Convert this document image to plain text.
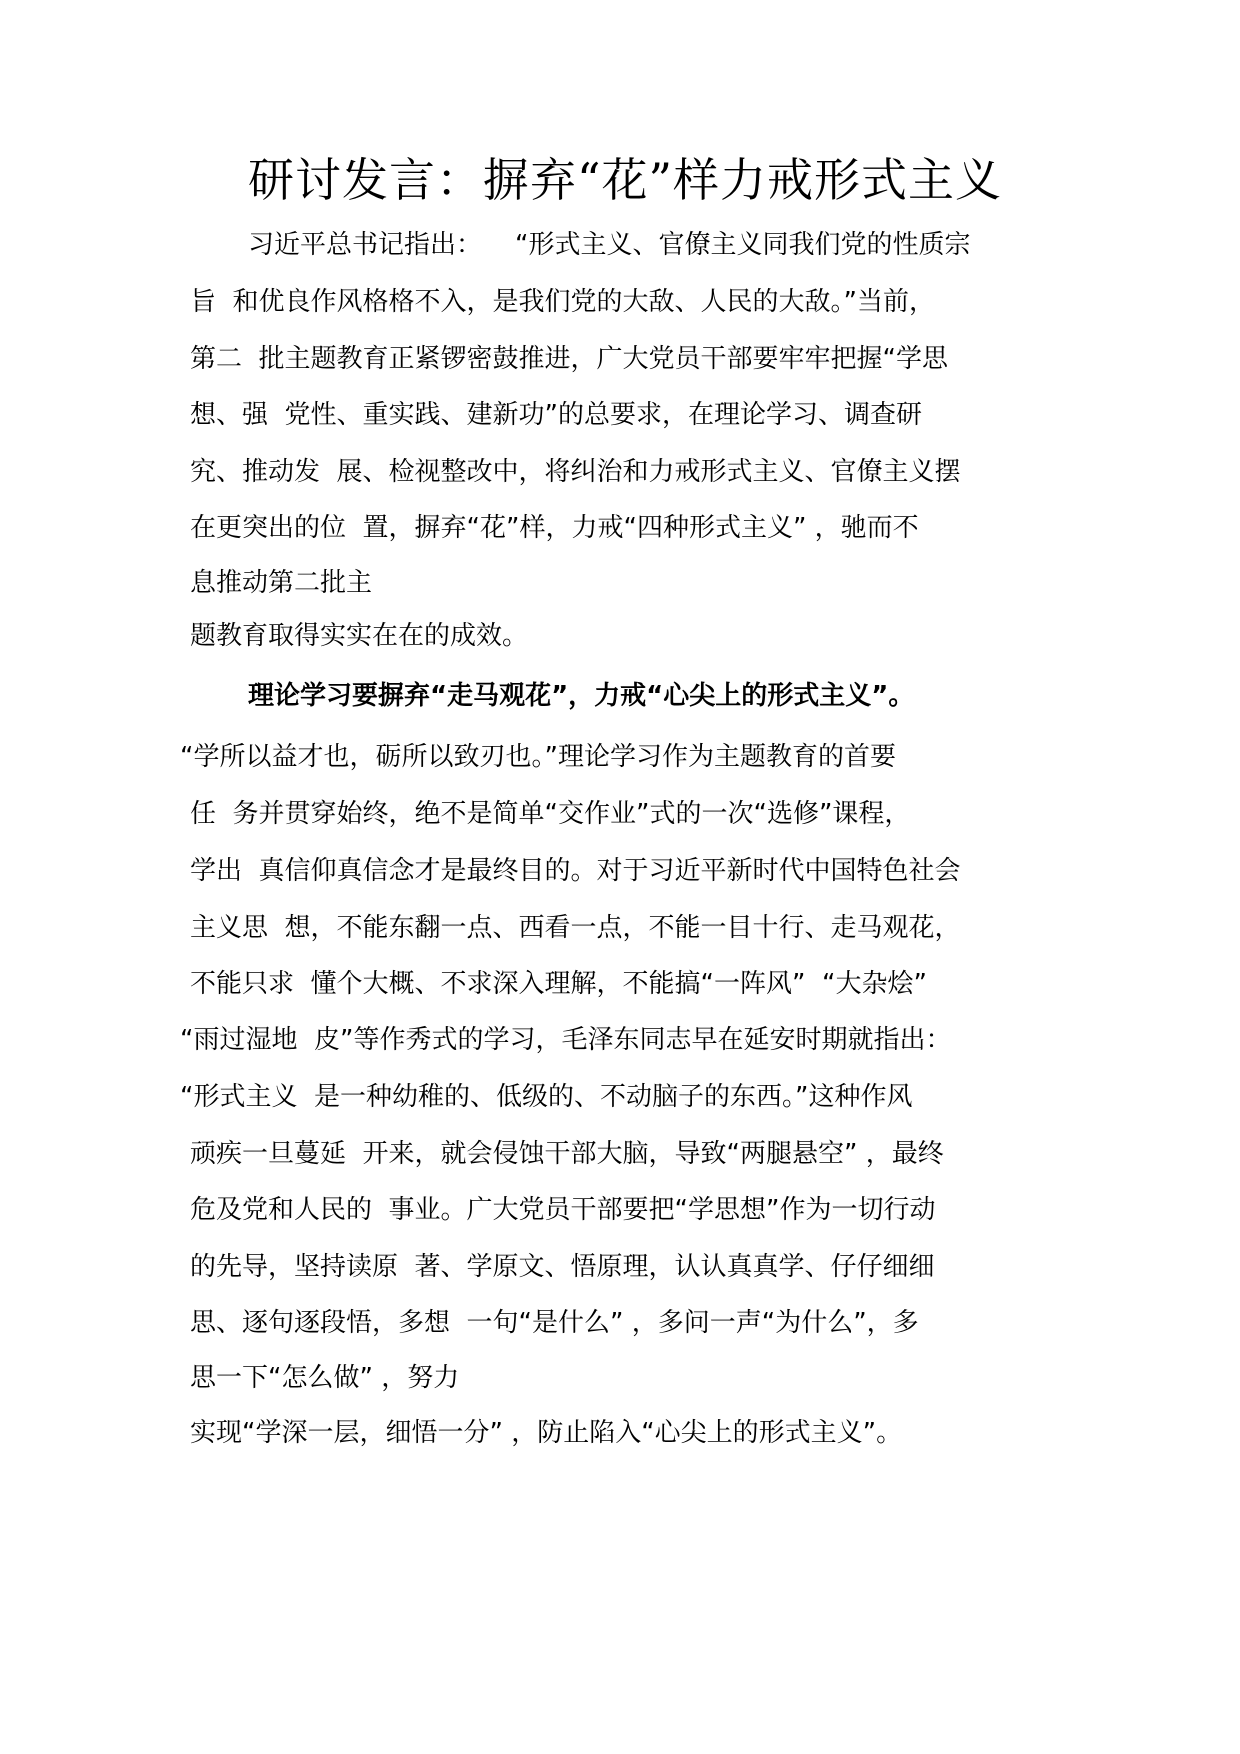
研讨发言：摒弃“花”样力戒形式主义
习近平总书记指出：    “形式主义、官僚主义同我们党的性质宗
旨  和优良作风格格不入，是我们党的大敌、人民的大敌。”当前，
第二  批主题教育正紧锣密鼓推进，广大党员干部要牢牢把握“学思
想、强  党性、重实践、建新功”的总要求，在理论学习、调查研
究、推动发  展、检视整改中，将纠治和力戒形式主义、官僚主义摆
在更突出的位  置，摒弃“花”样，力戒“四种形式主义” ，驰而不
息推动第二批主
题教育取得实实在在的成效。
理论学习要摒弃“走马观花”，力戒“心尖上的形式主义”。
“学所以益才也，砺所以致刃也。”理论学习作为主题教育的首要
任  务并贯穿始终，绝不是简单“交作业”式的一次“选修”课程，
学出  真信仰真信念才是最终目的。对于习近平新时代中国特色社会
主义思  想，不能东翻一点、西看一点，不能一目十行、走马观花，
不能只求  懂个大概、不求深入理解，不能搞“一阵风”  “大杂烩”
“雨过湿地  皮”等作秀式的学习，毛泽东同志早在延安时期就指出：
“形式主义  是一种幼稚的、低级的、不动脑子的东西。”这种作风
顽疾一旦蔓延  开来，就会侵蚀干部大脑，导致“两腿悬空” ，最终
危及党和人民的  事业。广大党员干部要把“学思想”作为一切行动
的先导，坚持读原  著、学原文、悟原理，认认真真学、仔仔细细
思、逐句逐段悟，多想  一句“是什么” ，多问一声“为什么”，多
思一下“怎么做” ，努力
实现“学深一层，细悟一分” ，防止陷入“心尖上的形式主义”。
